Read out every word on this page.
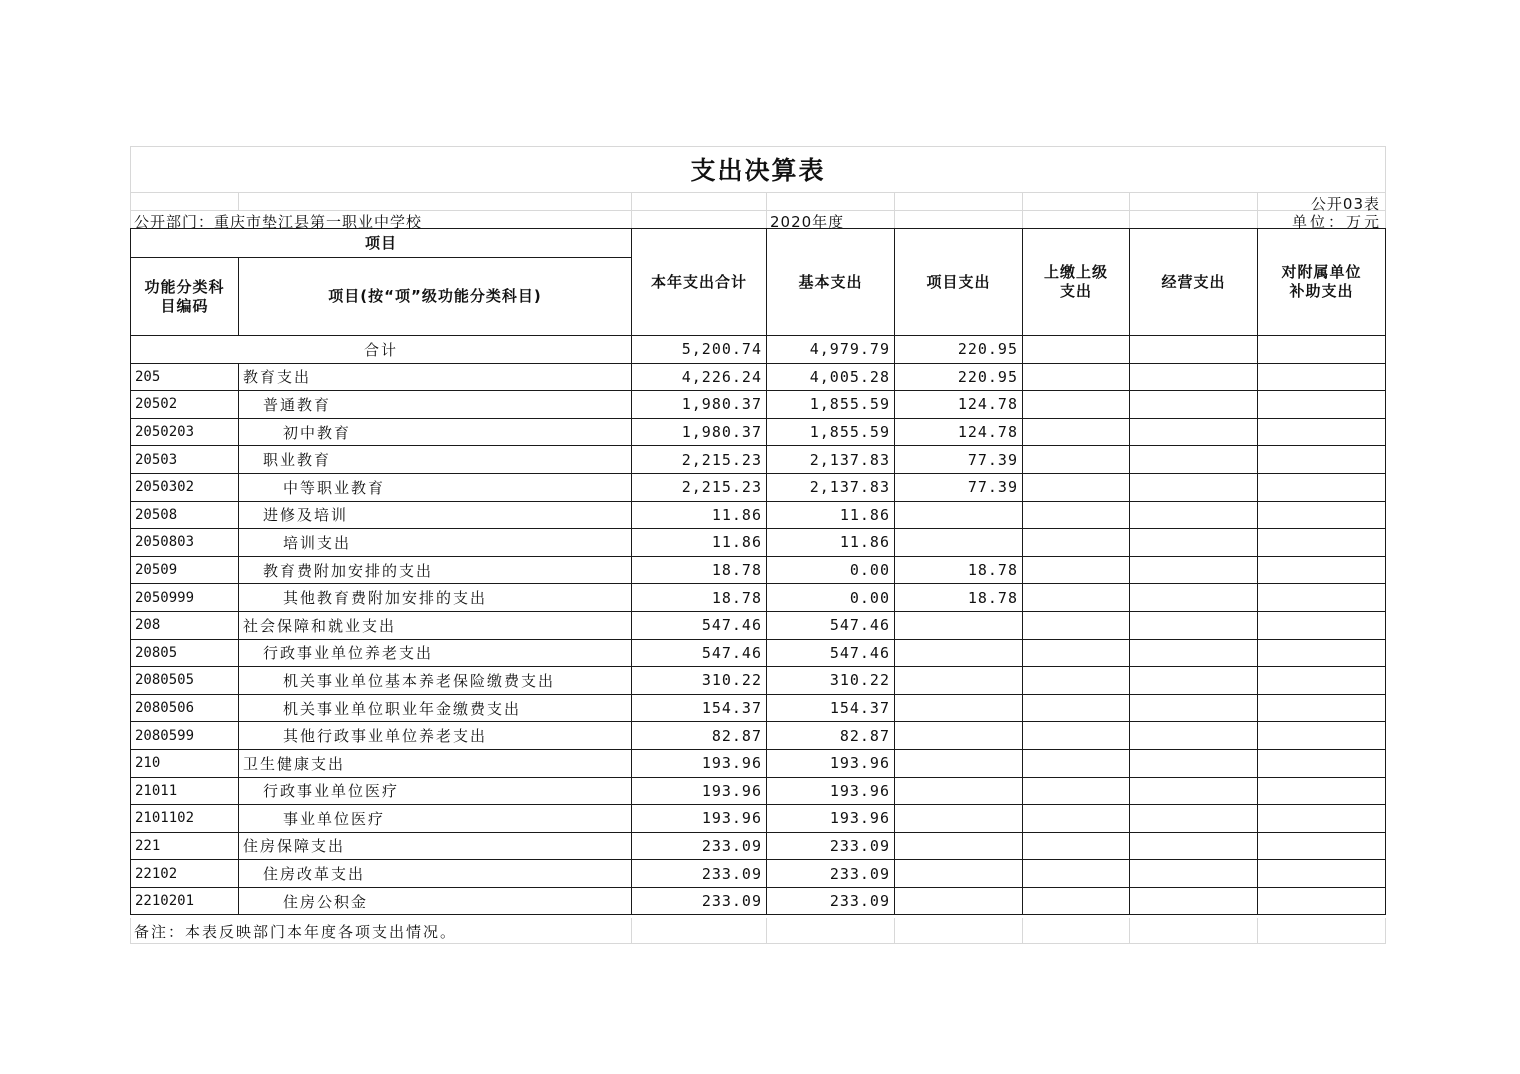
支出决算表
公开03表
公开部门：重庆市垫江县第一职业中学校	2020年度	单位：万元
项目		本年支出合计	基本支出	项目支出	上缴上级支出	经营支出	对附属单位补助支出
功能分类科目编码	项目(按“项”级功能分类科目)						
合计		5,200.74	4,979.79	220.95			
205	教育支出	4,226.24	4,005.28	220.95			
20502	普通教育	1,980.37	1,855.59	124.78			
2050203	初中教育	1,980.37	1,855.59	124.78			
20503	职业教育	2,215.23	2,137.83	77.39			
2050302	中等职业教育	2,215.23	2,137.83	77.39			
20508	进修及培训	11.86	11.86				
2050803	培训支出	11.86	11.86				
20509	教育费附加安排的支出	18.78	0.00	18.78			
2050999	其他教育费附加安排的支出	18.78	0.00	18.78			
208	社会保障和就业支出	547.46	547.46				
20805	行政事业单位养老支出	547.46	547.46				
2080505	机关事业单位基本养老保险缴费支出	310.22	310.22				
2080506	机关事业单位职业年金缴费支出	154.37	154.37				
2080599	其他行政事业单位养老支出	82.87	82.87				
210	卫生健康支出	193.96	193.96				
21011	行政事业单位医疗	193.96	193.96				
2101102	事业单位医疗	193.96	193.96				
221	住房保障支出	233.09	233.09				
22102	住房改革支出	233.09	233.09				
2210201	住房公积金	233.09	233.09				
备注：本表反映部门本年度各项支出情况。
